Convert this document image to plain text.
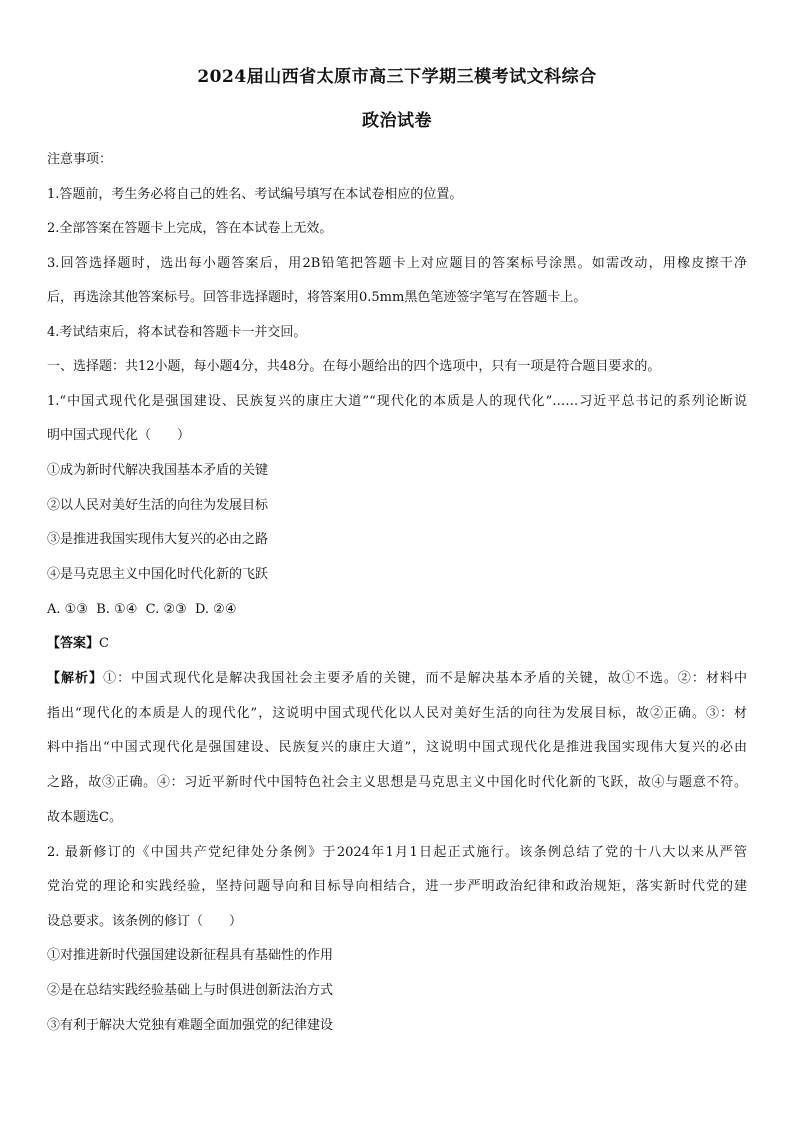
2024届山西省太原市高三下学期三模考试文科综合
政治试卷
注意事项：
1.答题前，考生务必将自己的姓名、考试编号填写在本试卷相应的位置。
2.全部答案在答题卡上完成，答在本试卷上无效。
3.回答选择题时，选出每小题答案后，用2B铅笔把答题卡上对应题目的答案标号涂黑。如需改动，用橡皮擦干净
后，再选涂其他答案标号。回答非选择题时，将答案用0.5mm黑色笔迹签字笔写在答题卡上。
4.考试结束后，将本试卷和答题卡一并交回。
一、选择题：共12小题，每小题4分，共48分。在每小题给出的四个选项中，只有一项是符合题目要求的。
1.“中国式现代化是强国建设、民族复兴的康庄大道”“现代化的本质是人的现代化”……习近平总书记的系列论断说
明中国式现代化（　　）
①成为新时代解决我国基本矛盾的关键
②以人民对美好生活的向往为发展目标
③是推进我国实现伟大复兴的必由之路
④是马克思主义中国化时代化新的飞跃
A. ①③  B. ①④  C. ②③  D. ②④
【答案】C
【解析】①：中国式现代化是解决我国社会主要矛盾的关键，而不是解决基本矛盾的关键，故①不选。②：材料中
指出“现代化的本质是人的现代化”，这说明中国式现代化以人民对美好生活的向往为发展目标，故②正确。③：材
料中指出“中国式现代化是强国建设、民族复兴的康庄大道”，这说明中国式现代化是推进我国实现伟大复兴的必由
之路，故③正确。④：习近平新时代中国特色社会主义思想是马克思主义中国化时代化新的飞跃，故④与题意不符。
故本题选C。
2. 最新修订的《中国共产党纪律处分条例》于2024年1月1日起正式施行。该条例总结了党的十八大以来从严管
党治党的理论和实践经验，坚持问题导向和目标导向相结合，进一步严明政治纪律和政治规矩，落实新时代党的建
设总要求。该条例的修订（　　）
①对推进新时代强国建设新征程具有基础性的作用
②是在总结实践经验基础上与时俱进创新法治方式
③有利于解决大党独有难题全面加强党的纪律建设
